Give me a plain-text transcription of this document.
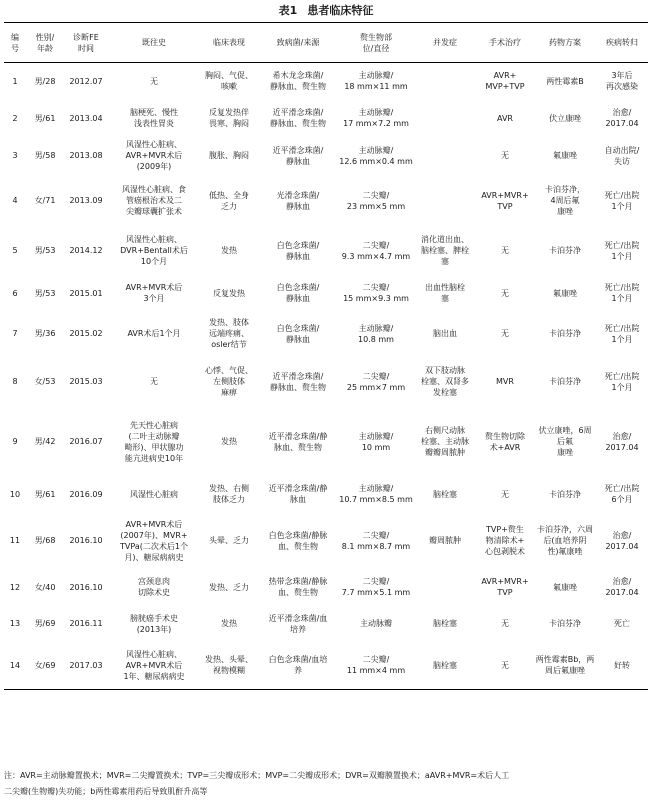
表1 患者临床特征
编
号	性别/
年龄	诊断FE
时间	既往史	临床表现	致病菌/来源	赘生物部
位/直径	并发症	手术治疗	药物方案	疾病转归
1	男/28	2012.07	无	胸闷、气促、
咳嗽	希木龙念珠菌/
静脉血、赘生物	主动脉瓣/
18 mm×11 mm		AVR+
MVP+TVP	两性霉素B	3年后
再次感染
2	男/61	2013.04	脑梗死、慢性
浅表性胃炎	反复发热伴
畏寒、胸闷	近平滑念珠菌/
静脉血、赘生物	主动脉瓣/
17 mm×7.2 mm		AVR	伏立康唑	治愈/
2017.04
3	男/58	2013.08	风湿性心脏病、
AVR+MVR术后
(2009年)	腹胀、胸闷	近平滑念珠菌/
静脉血	主动脉瓣/
12.6 mm×0.4 mm		无	氟康唑	自动出院/
失访
4	女/71	2013.09	风湿性心脏病、食
管癌根治术及二
尖瓣球囊扩张术	低热、全身
乏力	光滑念珠菌/
静脉血	二尖瓣/
23 mm×5 mm		AVR+MVR+
TVP	卡泊芬净，
4周后氟
康唑	死亡/出院
1个月
5	男/53	2014.12	风湿性心脏病、
DVR+Bentall术后
10个月	发热	白色念珠菌/
静脉血	二尖瓣/
9.3 mm×4.7 mm	消化道出血、
脑栓塞、脾栓
塞	无	卡泊芬净	死亡/出院
1个月
6	男/53	2015.01	AVR+MVR术后
3个月	反复发热	白色念珠菌/
静脉血	二尖瓣/
15 mm×9.3 mm	出血性脑栓
塞	无	氟康唑	死亡/出院
1个月
7	男/36	2015.02	AVR术后1个月	发热、肢体
远端疼痛、
osler结节	白色念珠菌/
静脉血	主动脉瓣/
10.8 mm	脑出血	无	卡泊芬净	死亡/出院
1个月
8	女/53	2015.03	无	心悸、气促、
左侧肢体
麻痹	近平滑念珠菌/
静脉血、赘生物	二尖瓣/
25 mm×7 mm	双下肢动脉
栓塞、双肾多
发栓塞	MVR	卡泊芬净	死亡/出院
1个月
9	男/42	2016.07	先天性心脏病
(二叶主动脉瓣
畸形)、甲状腺功
能亢进病史10年	发热	近平滑念珠菌/静
脉血、赘生物	主动脉瓣/
10 mm	右侧尺动脉
栓塞、主动脉
瓣瓣周脓肿	赘生物切除
术+AVR	伏立康唑，6周
后氟
康唑	治愈/
2017.04
10	男/61	2016.09	风湿性心脏病	发热、右侧
肢体乏力	近平滑念珠菌/静
脉血	主动脉瓣/
10.7 mm×8.5 mm	脑栓塞	无	卡泊芬净	死亡/出院
6个月
11	男/68	2016.10	AVR+MVR术后
(2007年)、MVR+
TVPa(二次术后1个
月)、糖尿病病史	头晕、乏力	白色念珠菌/静脉
血、赘生物	二尖瓣/
8.1 mm×8.7 mm	瓣周脓肿	TVP+赘生
物清除术+
心包剥脱术	卡泊芬净，六周
后(血培养阴
性)氟康唑	治愈/
2017.04
12	女/40	2016.10	宫颈息肉
切除术史	发热、乏力	热带念珠菌/静脉
血、赘生物	二尖瓣/
7.7 mm×5.1 mm		AVR+MVR+
TVP	氟康唑	治愈/
2017.04
13	男/69	2016.11	膀胱癌手术史
(2013年)	发热	近平滑念珠菌/血
培养	主动脉瓣	脑栓塞	无	卡泊芬净	死亡
14	女/69	2017.03	风湿性心脏病、
AVR+MVR术后
1年、糖尿病病史	发热、头晕、
视物模糊	白色念珠菌/血培
养	二尖瓣/
11 mm×4 mm	脑栓塞	无	两性霉素Bb，两
周后氟康唑	好转
注：AVR=主动脉瓣置换术；MVR=二尖瓣置换术；TVP=三尖瓣成形术；MVP=二尖瓣成形术；DVR=双瓣膜置换术；aAVR+MVR=术后人工
二尖瓣(生物瓣)失功能；b两性霉素用药后导致肌酐升高等
